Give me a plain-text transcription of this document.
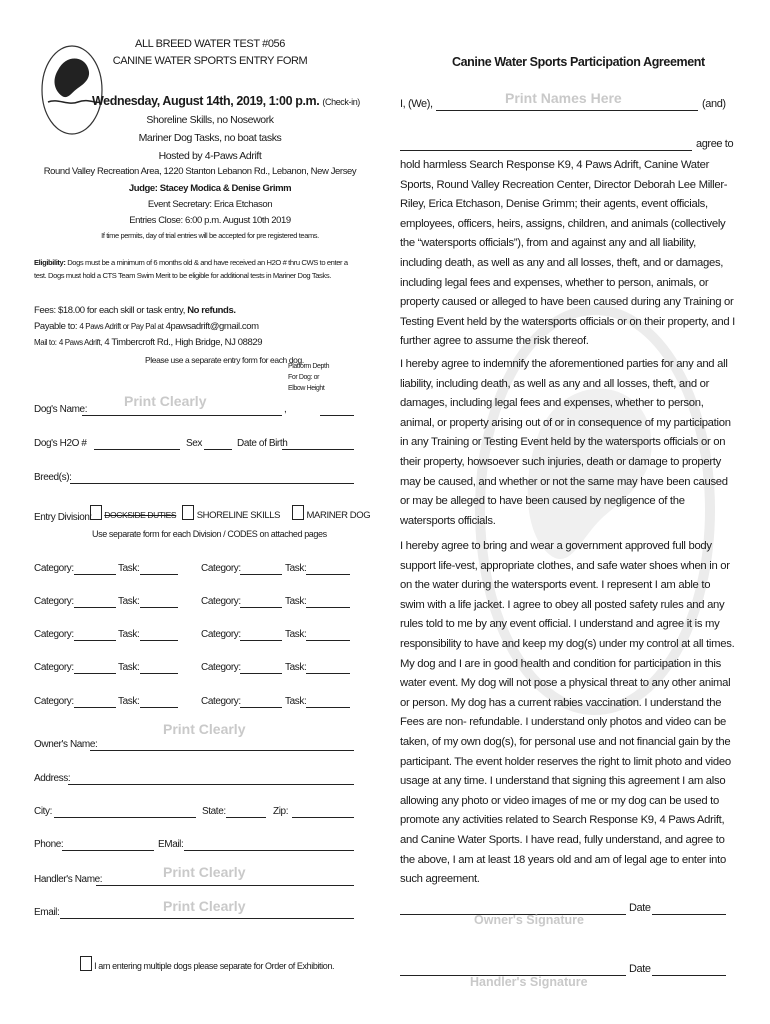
ALL BREED WATER TEST #056
CANINE WATER SPORTS ENTRY FORM
Wednesday, August 14th, 2019, 1:00 p.m. (Check-in)
Shoreline Skills, no Nosework
Mariner Dog Tasks, no boat tasks
Hosted by 4-Paws Adrift
Round Valley Recreation Area, 1220 Stanton Lebanon Rd., Lebanon, New Jersey
Judge: Stacey Modica & Denise Grimm
Event Secretary: Erica Etchason
Entries Close: 6:00 p.m. August 10th 2019
If time permits, day of trial entries will be accepted for pre registered teams.
Eligibility: Dogs must be a minimum of 6 months old & and have received an H2O # thru CWS to enter a
test. Dogs must hold a CTS Team Swim Merit to be eligible for additional tests in Mariner Dog Tasks.
Fees: $18.00 for each skill or task entry, No refunds.
Payable to: 4 Paws Adrift or Pay Pal at 4pawsadrift@gmail.com
Mail to: 4 Paws Adrift, 4 Timbercroft Rd., High Bridge, NJ 08829
Please use a separate entry form for each dog.
Platform Depth
For Dog: or
Elbow Height
Print Clearly
Dog's Name:	,
Dog's H2O #	Sex	Date of Birth
Breed(s):
Entry Division:	DOCKSIDE DUTIES SHORELINE SKILLS	MARINER DOG
Use separate form for each Division / CODES on attached pages
Category:	Task:	Category:	Task:
Category:	Task:	Category:	Task:
Category:	Task:	Category:	Task:
Category:	Task:	Category:	Task:
Category:	Task:	Category:	Task:
Print Clearly
Owner's Name:
Address:
City:	State:	Zip:
Phone:	EMail:
Print Clearly
Handler's Name:
Print Clearly
Email:
I am entering multiple dogs please separate for Order of Exhibition.
Canine Water Sports Participation Agreement
I, (We),	Print Names Here	(and)
agree to
hold harmless Search Response K9, 4 Paws Adrift, Canine Water Sports, Round Valley Recreation Center, Director Deborah Lee Miller-Riley, Erica Etchason, Denise Grimm; their agents, event officials, employees, officers, heirs, assigns, children, and animals (collectively the “watersports officials”), from and against any and all liability, including death, as well as any and all losses, theft, and or damages, including legal fees and expenses, whether to person, animals, or property caused or alleged to have been caused during any Training or Testing Event held by the watersports officials or on their property, and I further agree to assume the risk thereof.
I hereby agree to indemnify the aforementioned parties for any and all liability, including death, as well as any and all losses, theft, and or damages, including legal fees and expenses, whether to person, animal, or property arising out of or in consequence of my participation in any Training or Testing Event held by the watersports officials or on their property, howsoever such injuries, death or damage to property may be caused, and whether or not the same may have been caused or may be alleged to have been caused by negligence of the watersports officials.
I hereby agree to bring and wear a government approved full body support life-vest, appropriate clothes, and safe water shoes when in or on the water during the watersports event. I represent I am able to swim with a life jacket. I agree to obey all posted safety rules and any rules told to me by any event official. I understand and agree it is my responsibility to have and keep my dog(s) under my control at all times. My dog and I are in good health and condition for participation in this water event. My dog will not pose a physical threat to any other animal or person. My dog has a current rabies vaccination. I understand the Fees are non- refundable. I understand only photos and video can be taken, of my own dog(s), for personal use and not financial gain by the participant. The event holder reserves the right to limit photo and video usage at any time. I understand that signing this agreement I am also allowing any photo or video images of me or my dog can be used to promote any activities related to Search Response K9, 4 Paws Adrift, and Canine Water Sports. I have read, fully understand, and agree to the above, I am at least 18 years old and am of legal age to enter into such agreement.
Date
Owner's Signature
Date
Handler's Signature
